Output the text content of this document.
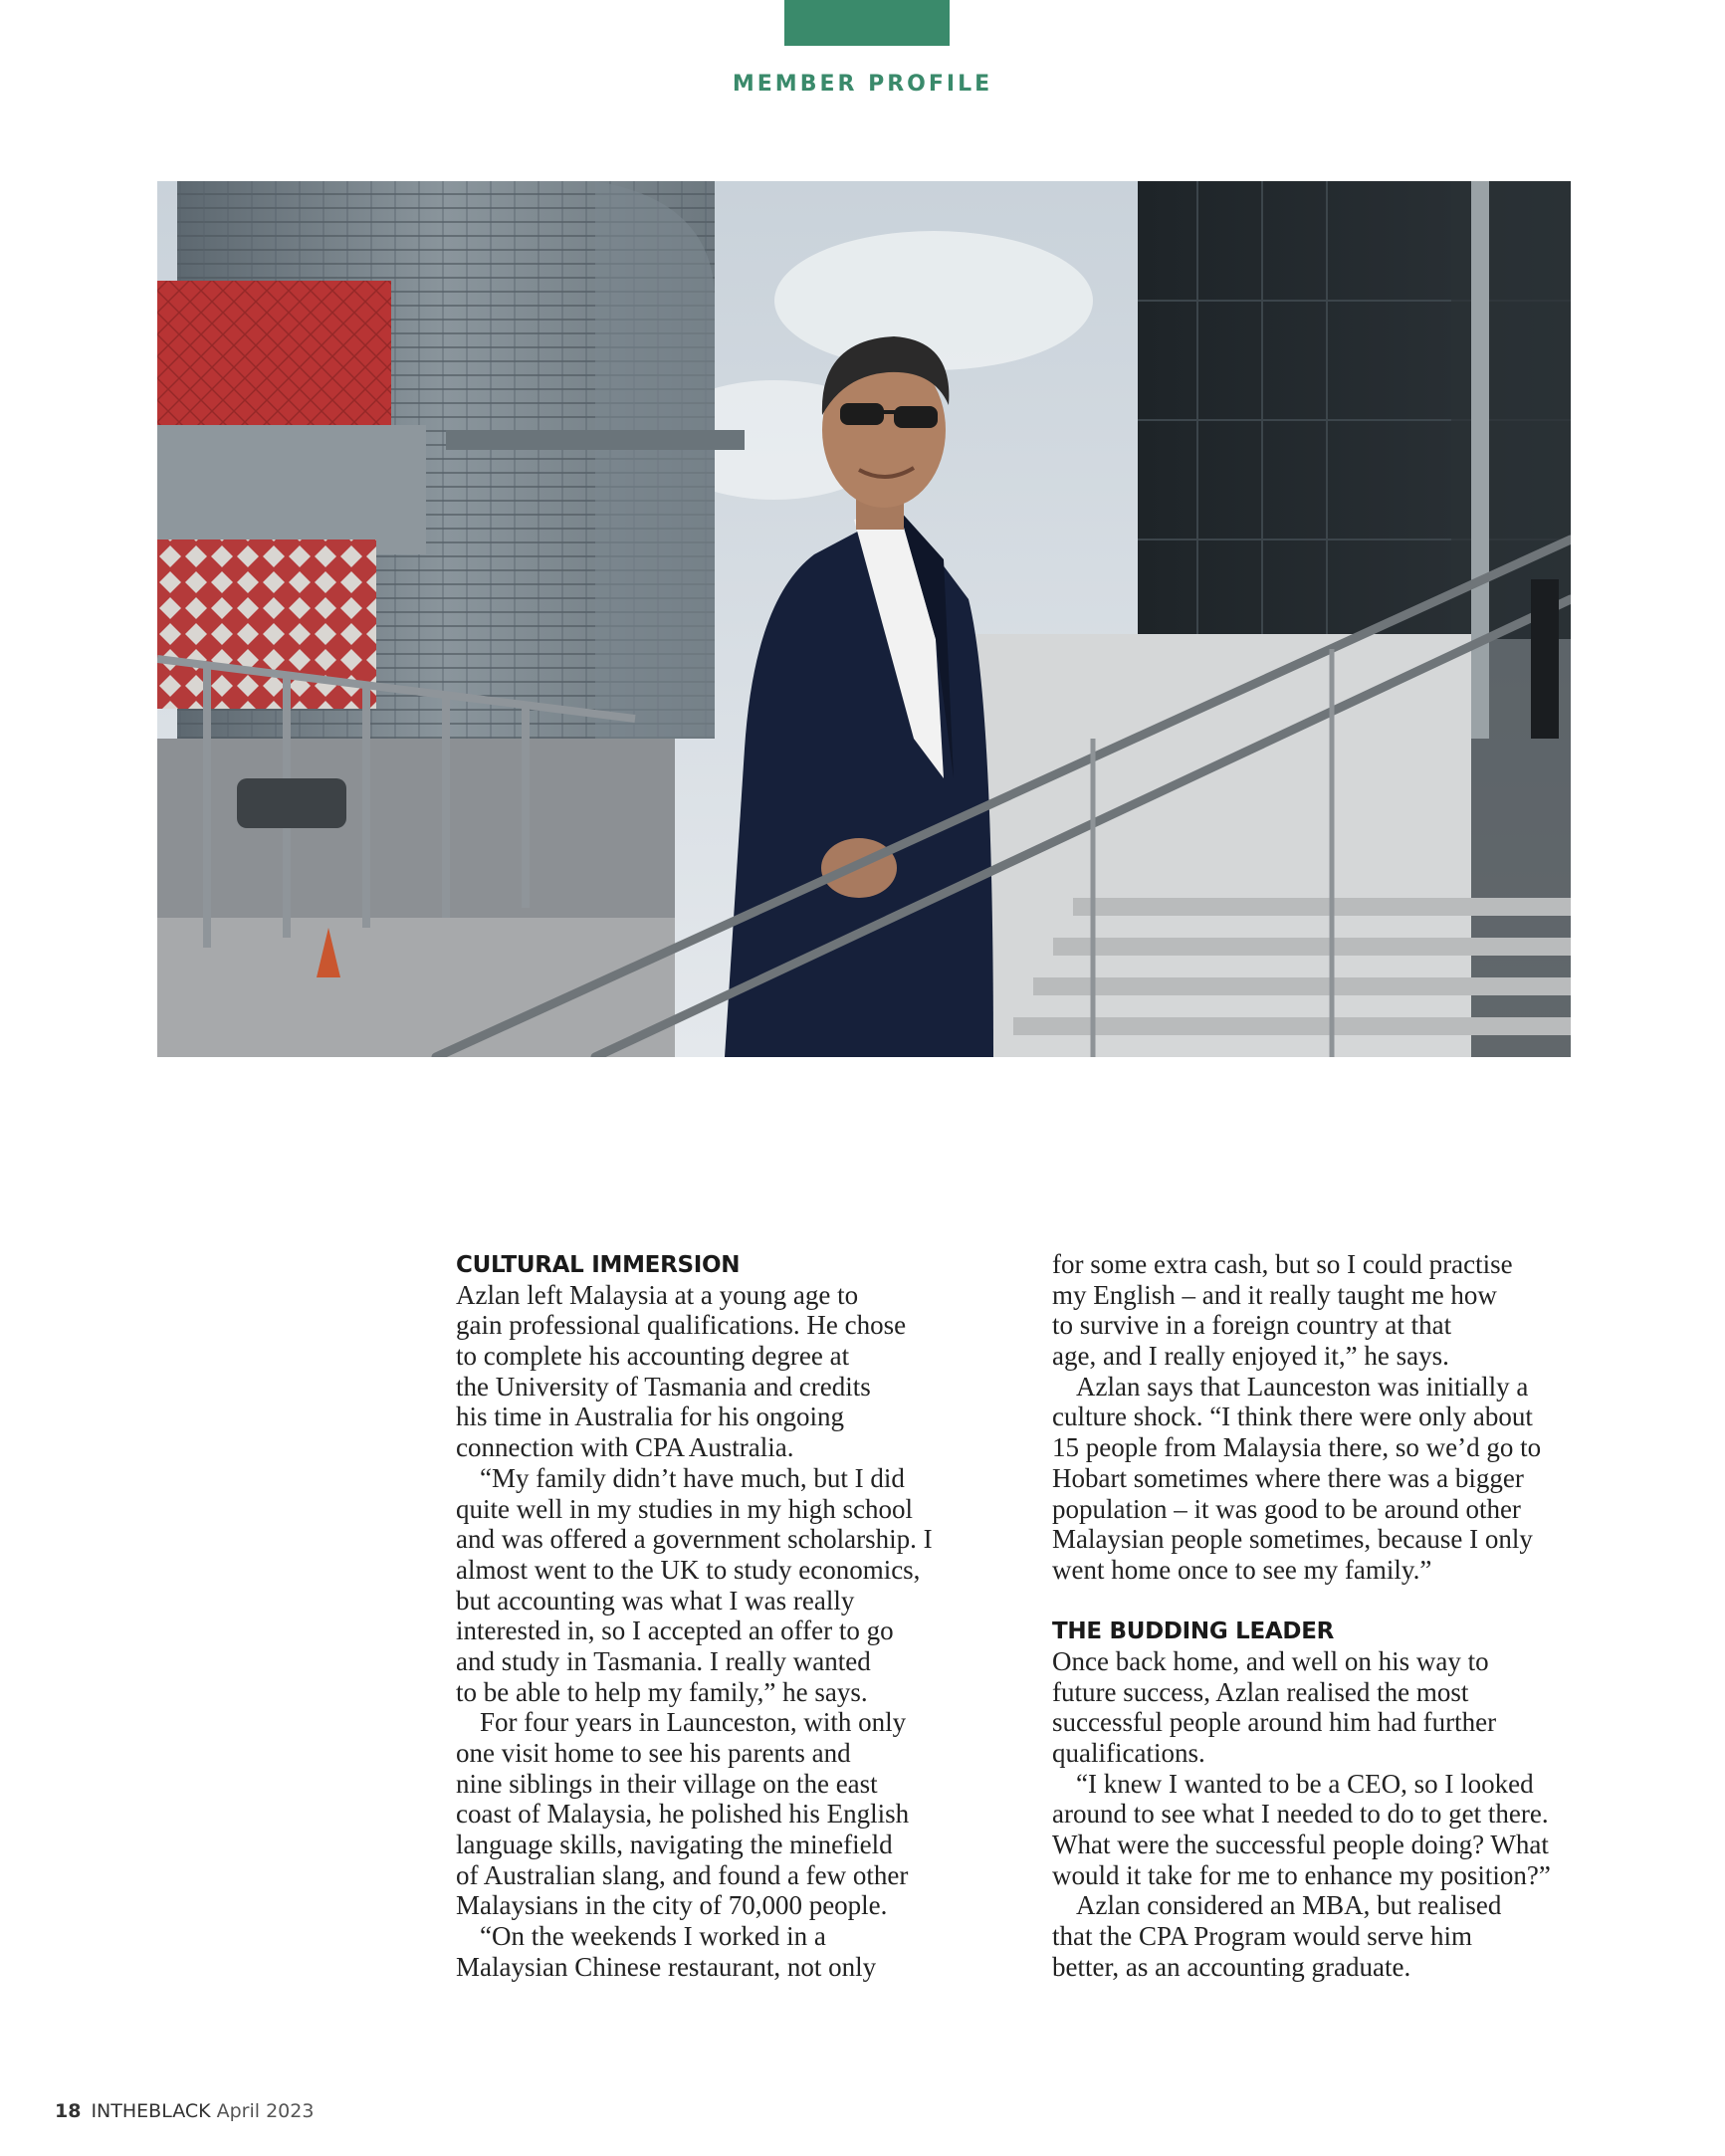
MEMBER PROFILE
CULTURAL IMMERSION
Azlan left Malaysia at a young age to
gain professional qualifications. He chose
to complete his accounting degree at
the University of Tasmania and credits
his time in Australia for his ongoing
connection with CPA Australia.
“My family didn’t have much, but I did
quite well in my studies in my high school
and was offered a government scholarship. I
almost went to the UK to study economics,
but accounting was what I was really
interested in, so I accepted an offer to go
and study in Tasmania. I really wanted
to be able to help my family,” he says.
For four years in Launceston, with only
one visit home to see his parents and
nine siblings in their village on the east
coast of Malaysia, he polished his English
language skills, navigating the minefield
of Australian slang, and found a few other
Malaysians in the city of 70,000 people.
“On the weekends I worked in a
Malaysian Chinese restaurant, not only
for some extra cash, but so I could practise
my English – and it really taught me how
to survive in a foreign country at that
age, and I really enjoyed it,” he says.
Azlan says that Launceston was initially a
culture shock. “I think there were only about
15 people from Malaysia there, so we’d go to
Hobart sometimes where there was a bigger
population – it was good to be around other
Malaysian people sometimes, because I only
went home once to see my family.”
THE BUDDING LEADER
Once back home, and well on his way to
future success, Azlan realised the most
successful people around him had further
qualifications.
“I knew I wanted to be a CEO, so I looked
around to see what I needed to do to get there.
What were the successful people doing? What
would it take for me to enhance my position?”
Azlan considered an MBA, but realised
that the CPA Program would serve him
better, as an accounting graduate.
18 INTHEBLACK April 2023
